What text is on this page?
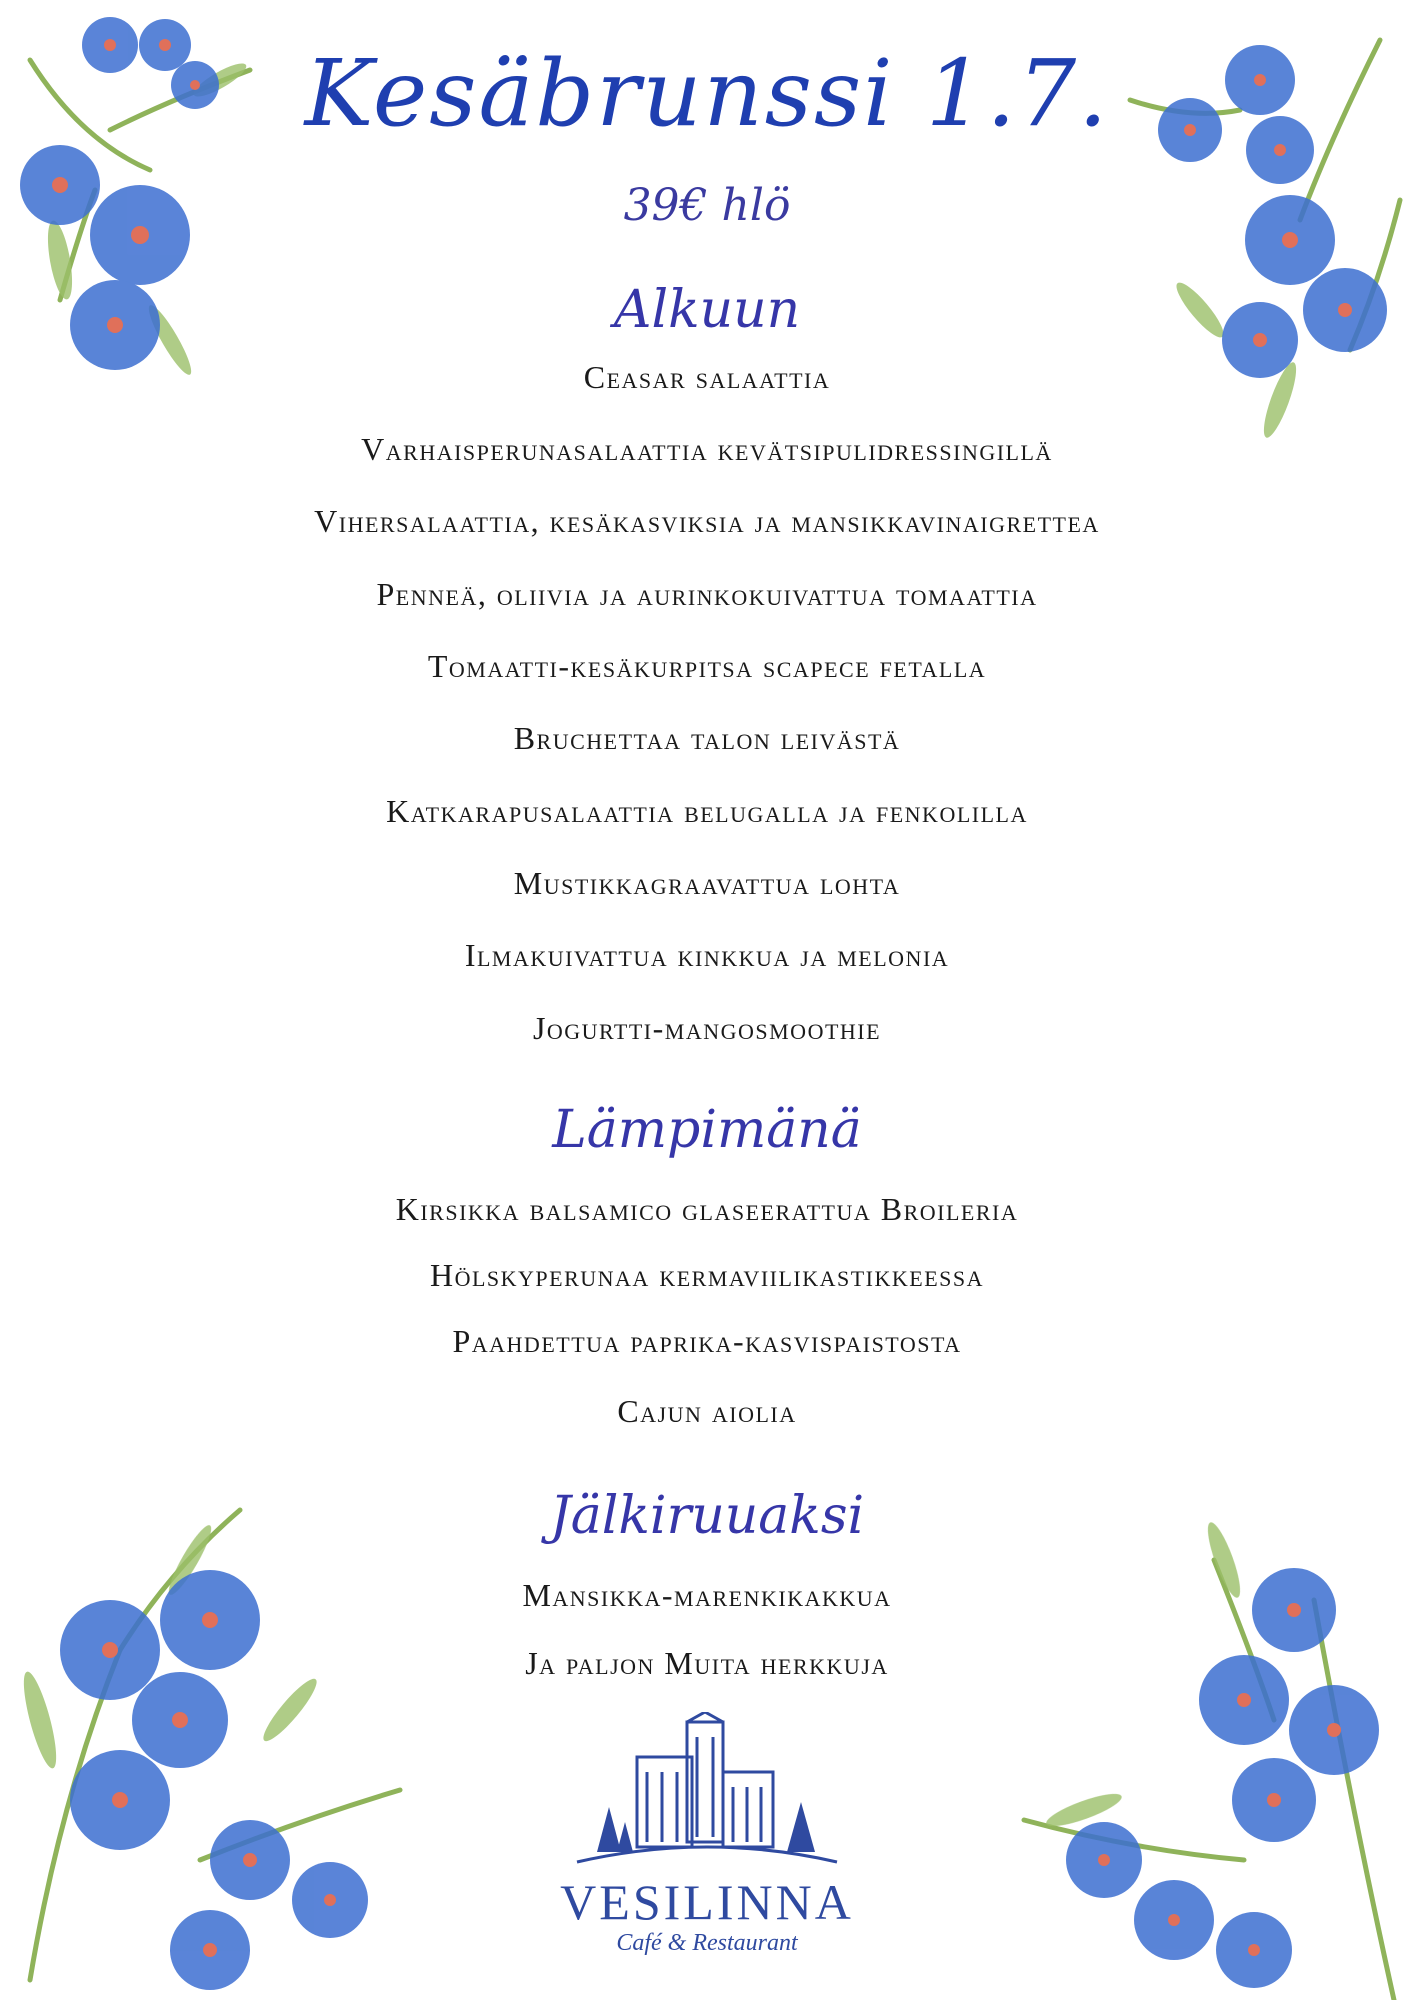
Kesäbrunssi 1.7.
39€ hlö
Alkuun
Ceasar salaattia
Varhaisperunasalaattia kevätsipulidressingillä
Vihersalaattia, kesäkasviksia ja mansikkavinaigrettea
Penneä, oliivia ja aurinkokuivattua tomaattia
Tomaatti-kesäkurpitsa scapece fetalla
Bruchettaa talon leivästä
Katkarapusalaattia belugalla ja fenkolilla
Mustikkagraavattua lohta
Ilmakuivattua kinkkua ja melonia
Jogurtti-mangosmoothie
Lämpimänä
Kirsikka balsamico glaseerattua Broileria
Hölskyperunaa kermaviilikastikkeessa
Paahdettua paprika-kasvispaistosta
Cajun aiolia
Jälkiruuaksi
Mansikka-marenkikakkua
Ja paljon Muita herkkuja
VESILINNA
Café & Restaurant
